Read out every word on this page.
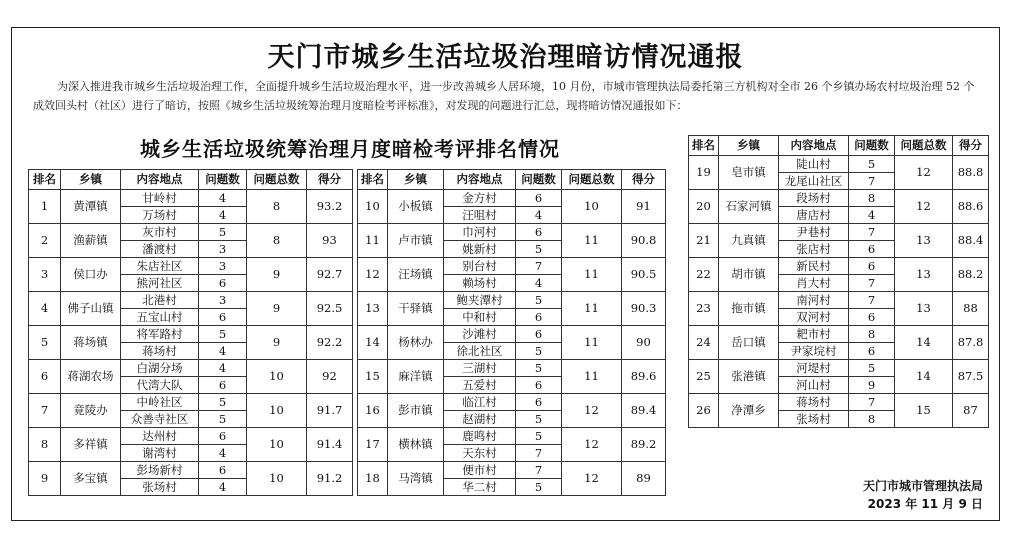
天门市城乡生活垃圾治理暗访情况通报
为深入推进我市城乡生活垃圾治理工作，全面提升城乡生活垃圾治理水平，进一步改善城乡人居环境，10 月份，市城市管理执法局委托第三方机构对全市 26 个乡镇办场农村垃圾治理 52 个成效回头村（社区）进行了暗访，按照《城乡生活垃圾统筹治理月度暗检考评标准》，对发现的问题进行汇总，现将暗访情况通报如下：
城乡生活垃圾统筹治理月度暗检考评排名情况
排名	乡镇	内容地点	问题数	问题总数	得分
1	黄潭镇	甘岭村	4	8	93.2
		万场村	4		
2	渔薪镇	灰市村	5	8	93
		潘渡村	3		
3	侯口办	朱店社区	3	9	92.7
		熊河社区	6		
4	佛子山镇	北港村	3	9	92.5
		五宝山村	6		
5	蒋场镇	将军路村	5	9	92.2
		蒋场村	4		
6	蒋湖农场	白湖分场	4	10	92
		代湾大队	6		
7	竟陵办	中岭社区	5	10	91.7
		众善寺社区	5		
8	多祥镇	达州村	6	10	91.4
		谢湾村	4		
9	多宝镇	彭场新村	6	10	91.2
		张场村	4		
排名	乡镇	内容地点	问题数	问题总数	得分
10	小板镇	金方村	6	10	91
		汪咀村	4		
11	卢市镇	巾河村	6	11	90.8
		姚新村	5		
12	汪场镇	别台村	7	11	90.5
		赖场村	4		
13	干驿镇	鲍夹潭村	5	11	90.3
		中和村	6		
14	杨林办	沙滩村	6	11	90
		徐北社区	5		
15	麻洋镇	三湖村	5	11	89.6
		五爱村	6		
16	彭市镇	临江村	6	12	89.4
		赵湖村	5		
17	横林镇	鹿鸣村	5	12	89.2
		天东村	7		
18	马湾镇	便市村	7	12	89
		华二村	5		
排名	乡镇	内容地点	问题数	问题总数	得分
19	皂市镇	陡山村	5	12	88.8
		龙尾山社区	7		
20	石家河镇	段场村	8	12	88.6
		唐店村	4		
21	九真镇	尹巷村	7	13	88.4
		张店村	6		
22	胡市镇	新民村	6	13	88.2
		肖大村	7		
23	拖市镇	南河村	7	13	88
		双河村	6		
24	岳口镇	耙市村	8	14	87.8
		尹家垸村	6		
25	张港镇	河堤村	5	14	87.5
		河山村	9		
26	净潭乡	蒋场村	7	15	87
		张场村	8		
天门市城市管理执法局
2023 年 11 月 9 日
